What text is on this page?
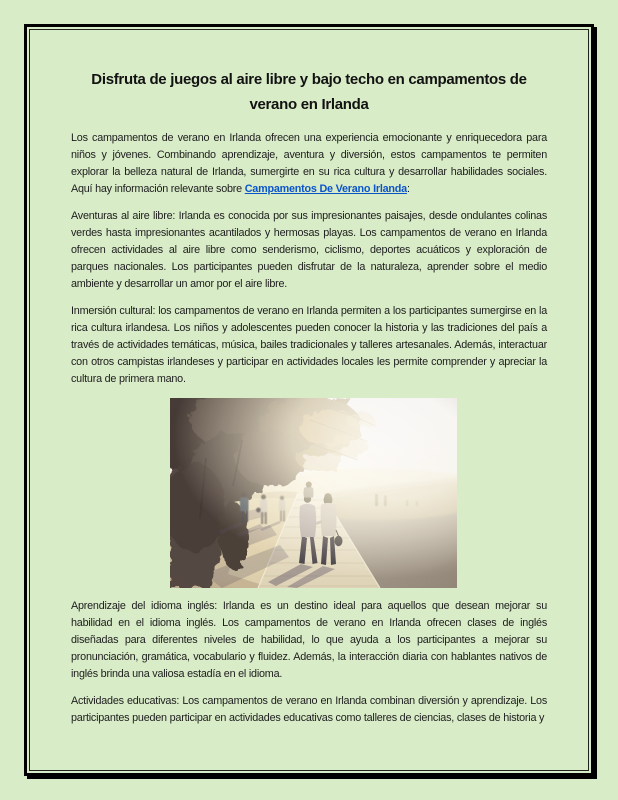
Disfruta de juegos al aire libre y bajo techo en campamentos de verano en Irlanda

Los campamentos de verano en Irlanda ofrecen una experiencia emocionante y enriquecedora para niños y jóvenes. Combinando aprendizaje, aventura y diversión, estos campamentos te permiten explorar la belleza natural de Irlanda, sumergirte en su rica cultura y desarrollar habilidades sociales. Aquí hay información relevante sobre Campamentos De Verano Irlanda:

Aventuras al aire libre: Irlanda es conocida por sus impresionantes paisajes, desde ondulantes colinas verdes hasta impresionantes acantilados y hermosas playas. Los campamentos de verano en Irlanda ofrecen actividades al aire libre como senderismo, ciclismo, deportes acuáticos y exploración de parques nacionales. Los participantes pueden disfrutar de la naturaleza, aprender sobre el medio ambiente y desarrollar un amor por el aire libre.

Inmersión cultural: los campamentos de verano en Irlanda permiten a los participantes sumergirse en la rica cultura irlandesa. Los niños y adolescentes pueden conocer la historia y las tradiciones del país a través de actividades temáticas, música, bailes tradicionales y talleres artesanales. Además, interactuar con otros campistas irlandeses y participar en actividades locales les permite comprender y apreciar la cultura de primera mano.

Aprendizaje del idioma inglés: Irlanda es un destino ideal para aquellos que desean mejorar su habilidad en el idioma inglés. Los campamentos de verano en Irlanda ofrecen clases de inglés diseñadas para diferentes niveles de habilidad, lo que ayuda a los participantes a mejorar su pronunciación, gramática, vocabulario y fluidez. Además, la interacción diaria con hablantes nativos de inglés brinda una valiosa estadía en el idioma.

Actividades educativas: Los campamentos de verano en Irlanda combinan diversión y aprendizaje. Los participantes pueden participar en actividades educativas como talleres de ciencias, clases de historia y
